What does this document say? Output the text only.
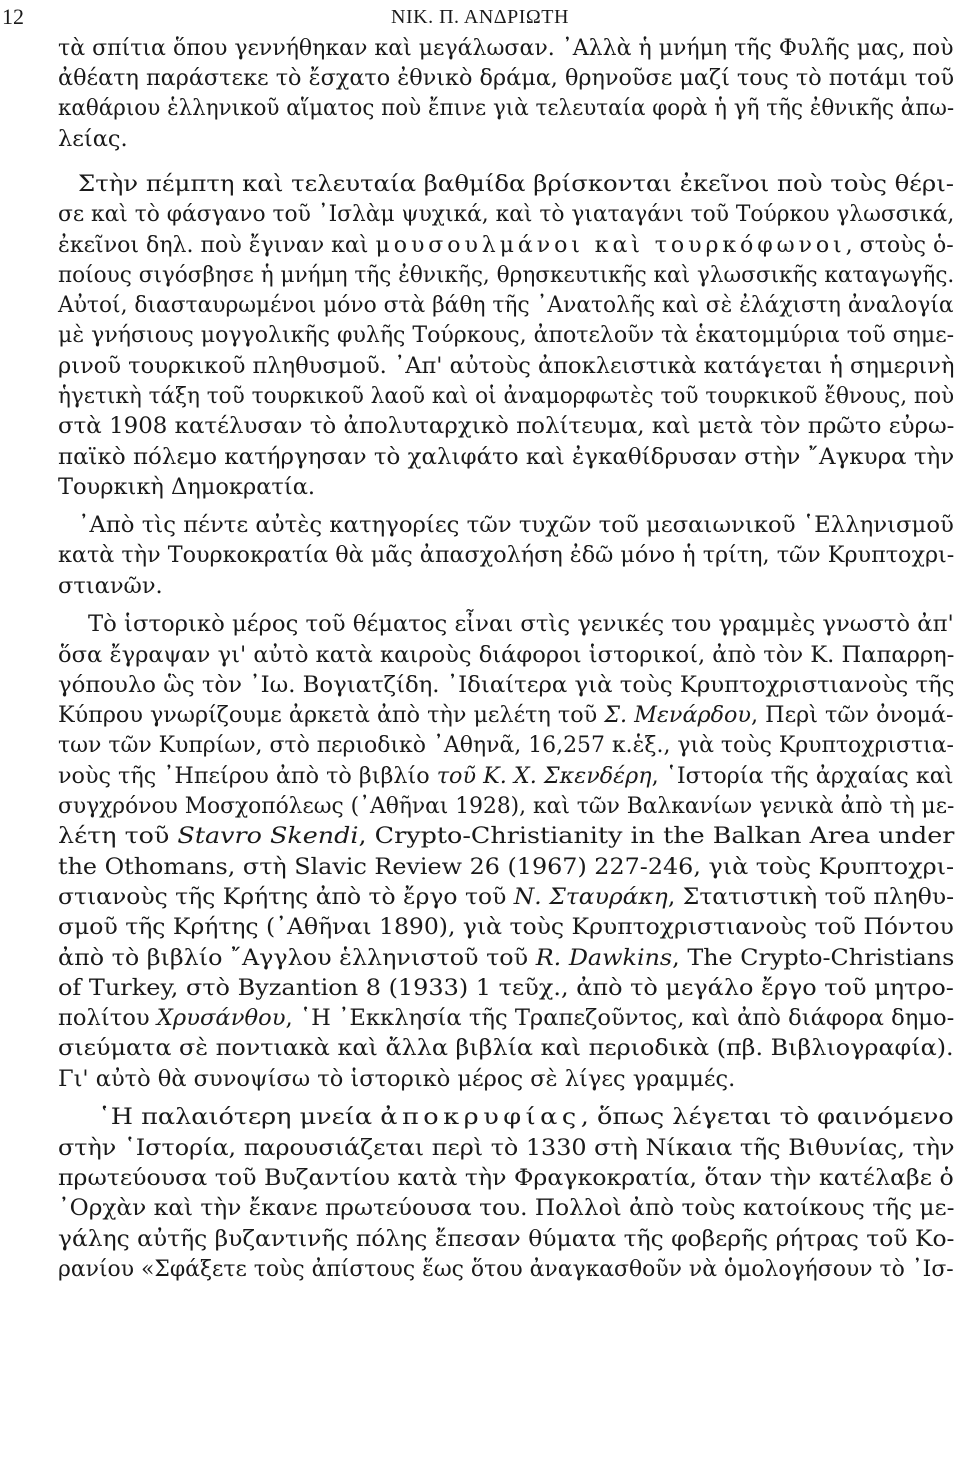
12	ΝΙΚ. Π. ΑΝΔΡΙΩΤΗ
τὰ σπίτια ὅπου γεννήθηκαν καὶ μεγάλωσαν. ᾿Αλλὰ ἡ μνήμη τῆς Φυλῆς μας, ποὺ
ἀθέατη παράστεκε τὸ ἔσχατο ἐθνικὸ δράμα, θρηνοῦσε μαζί τους τὸ ποτάμι τοῦ
καθάριου ἑλληνικοῦ αἵματος ποὺ ἔπινε γιὰ τελευταία φορὰ ἡ γῆ τῆς ἐθνικῆς ἀπω-
λείας.
Στὴν πέμπτη καὶ τελευταία βαθμίδα βρίσκονται ἐκεῖνοι ποὺ τοὺς θέρι-
σε καὶ τὸ φάσγανο τοῦ ᾿Ισλὰμ ψυχικά, καὶ τὸ γιαταγάνι τοῦ Τούρκου γλωσσικά,
ἐκεῖνοι δηλ. ποὺ ἔγιναν καὶ μουσουλμάνοι καὶ τουρκόφωνοι, στοὺς ὁ-
ποίους σιγόσβησε ἡ μνήμη τῆς ἐθνικῆς, θρησκευτικῆς καὶ γλωσσικῆς καταγωγῆς.
Αὐτοί, διασταυρωμένοι μόνο στὰ βάθη τῆς ᾿Ανατολῆς καὶ σὲ ἐλάχιστη ἀναλογία
μὲ γνήσιους μογγολικῆς φυλῆς Τούρκους, ἀποτελοῦν τὰ ἑκατομμύρια τοῦ σημε-
ρινοῦ τουρκικοῦ πληθυσμοῦ. ᾿Απ' αὐτοὺς ἀποκλειστικὰ κατάγεται ἡ σημερινὴ
ἡγετικὴ τάξη τοῦ τουρκικοῦ λαοῦ καὶ οἱ ἀναμορφωτὲς τοῦ τουρκικοῦ ἔθνους, ποὺ
στὰ 1908 κατέλυσαν τὸ ἀπολυταρχικὸ πολίτευμα, καὶ μετὰ τὸν πρῶτο εὐρω-
παϊκὸ πόλεμο κατήργησαν τὸ χαλιφάτο καὶ ἐγκαθίδρυσαν στὴν ῎Αγκυρα τὴν
Τουρκικὴ Δημοκρατία.
᾿Απὸ τὶς πέντε αὐτὲς κατηγορίες τῶν τυχῶν τοῦ μεσαιωνικοῦ ῾Ελληνισμοῦ
κατὰ τὴν Τουρκοκρατία θὰ μᾶς ἀπασχολήση ἐδῶ μόνο ἡ τρίτη, τῶν Κρυπτοχρι-
στιανῶν.
Τὸ ἱστορικὸ μέρος τοῦ θέματος εἶναι στὶς γενικές του γραμμὲς γνωστὸ ἀπ'
ὅσα ἔγραψαν γι' αὐτὸ κατὰ καιροὺς διάφοροι ἱστορικοί, ἀπὸ τὸν Κ. Παπαρρη-
γόπουλο ὣς τὸν ᾿Ιω. Βογιατζίδη. ᾿Ιδιαίτερα γιὰ τοὺς Κρυπτοχριστιανοὺς τῆς
Κύπρου γνωρίζουμε ἀρκετὰ ἀπὸ τὴν μελέτη τοῦ Σ. Μενάρδου, Περὶ τῶν ὀνομά-
των τῶν Κυπρίων, στὸ περιοδικὸ ᾿Αθηνᾶ, 16,257 κ.ἑξ., γιὰ τοὺς Κρυπτοχριστια-
νοὺς τῆς ᾿Ηπείρου ἀπὸ τὸ βιβλίο τοῦ Κ. Χ. Σκενδέρη, ῾Ιστορία τῆς ἀρχαίας καὶ
συγχρόνου Μοσχοπόλεως (᾿Αθῆναι 1928), καὶ τῶν Βαλκανίων γενικὰ ἀπὸ τὴ με-
λέτη τοῦ Stavro Skendi, Crypto-Christianity in the Balkan Area under
the Othomans, στὴ Slavic Review 26 (1967) 227-246, γιὰ τοὺς Κρυπτοχρι-
στιανοὺς τῆς Κρήτης ἀπὸ τὸ ἔργο τοῦ Ν. Σταυράκη, Στατιστικὴ τοῦ πληθυ-
σμοῦ τῆς Κρήτης (᾿Αθῆναι 1890), γιὰ τοὺς Κρυπτοχριστιανοὺς τοῦ Πόντου
ἀπὸ τὸ βιβλίο ῎Αγγλου ἑλληνιστοῦ τοῦ R. Dawkins, The Crypto-Christians
of Turkey, στὸ Byzantion 8 (1933) 1 τεῦχ., ἀπὸ τὸ μεγάλο ἔργο τοῦ μητρο-
πολίτου Χρυσάνθου, ῾Η ᾿Εκκλησία τῆς Τραπεζοῦντος, καὶ ἀπὸ διάφορα δημο-
σιεύματα σὲ ποντιακὰ καὶ ἄλλα βιβλία καὶ περιοδικὰ (πβ. Βιβλιογραφία).
Γι' αὐτὸ θὰ συνοψίσω τὸ ἱστορικὸ μέρος σὲ λίγες γραμμές.
῾Η παλαιότερη μνεία ἀποκρυφίας, ὅπως λέγεται τὸ φαινόμενο
στὴν ῾Ιστορία, παρουσιάζεται περὶ τὸ 1330 στὴ Νίκαια τῆς Βιθυνίας, τὴν
πρωτεύουσα τοῦ Βυζαντίου κατὰ τὴν Φραγκοκρατία, ὅταν τὴν κατέλαβε ὁ
᾿Ορχὰν καὶ τὴν ἔκανε πρωτεύουσα του. Πολλοὶ ἀπὸ τοὺς κατοίκους τῆς με-
γάλης αὐτῆς βυζαντινῆς πόλης ἔπεσαν θύματα τῆς φοβερῆς ρήτρας τοῦ Κο-
ρανίου «Σφάξετε τοὺς ἀπίστους ἕως ὅτου ἀναγκασθοῦν νὰ ὁμολογήσουν τὸ ᾿Ισ-
